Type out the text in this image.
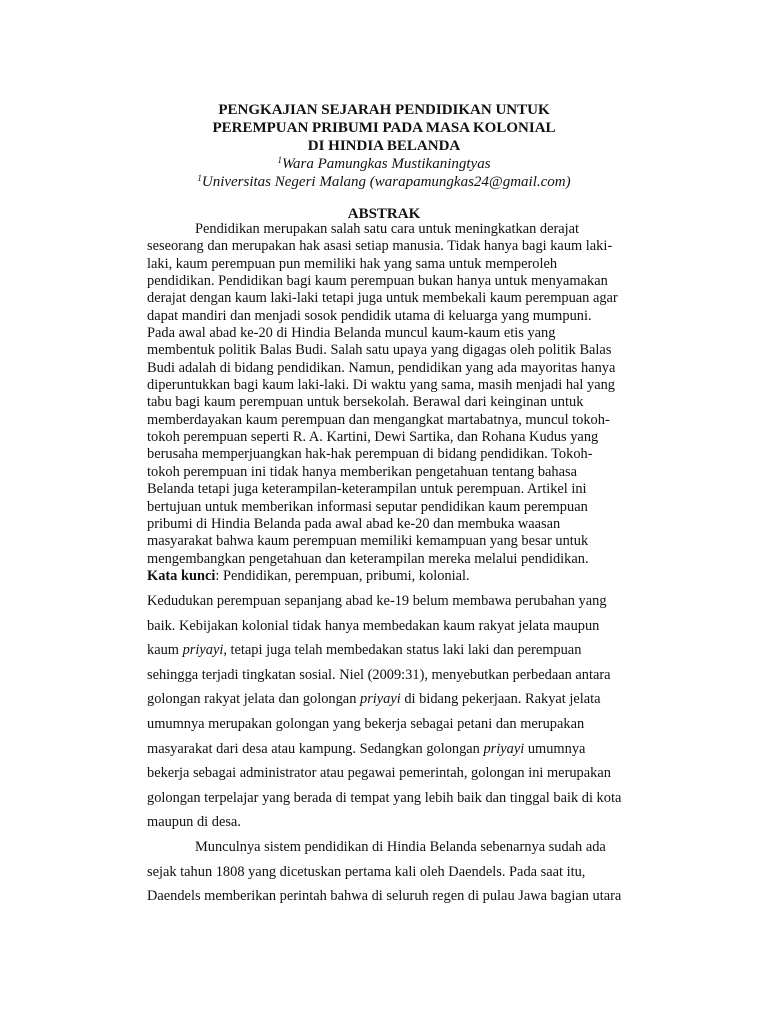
PENGKAJIAN SEJARAH PENDIDIKAN UNTUK
PEREMPUAN PRIBUMI PADA MASA KOLONIAL
DI HINDIA BELANDA
$^1$Wara Pamungkas Mustikaningtyas
$^1$Universitas Negeri Malang (warapamungkas24@gmail.com)
ABSTRAK
Pendidikan merupakan salah satu cara untuk meningkatkan derajat
seseorang dan merupakan hak asasi setiap manusia. Tidak hanya bagi kaum laki-
laki, kaum perempuan pun memiliki hak yang sama untuk memperoleh
pendidikan. Pendidikan bagi kaum perempuan bukan hanya untuk menyamakan
derajat dengan kaum laki-laki tetapi juga untuk membekali kaum perempuan agar
dapat mandiri dan menjadi sosok pendidik utama di keluarga yang mumpuni.
Pada awal abad ke-20 di Hindia Belanda muncul kaum-kaum etis yang
membentuk politik Balas Budi. Salah satu upaya yang digagas oleh politik Balas
Budi adalah di bidang pendidikan. Namun, pendidikan yang ada mayoritas hanya
diperuntukkan bagi kaum laki-laki. Di waktu yang sama, masih menjadi hal yang
tabu bagi kaum perempuan untuk bersekolah. Berawal dari keinginan untuk
memberdayakan kaum perempuan dan mengangkat martabatnya, muncul tokoh-
tokoh perempuan seperti R. A. Kartini, Dewi Sartika, dan Rohana Kudus yang
berusaha memperjuangkan hak-hak perempuan di bidang pendidikan. Tokoh-
tokoh perempuan ini tidak hanya memberikan pengetahuan tentang bahasa
Belanda tetapi juga keterampilan-keterampilan untuk perempuan. Artikel ini
bertujuan untuk memberikan informasi seputar pendidikan kaum perempuan
pribumi di Hindia Belanda pada awal abad ke-20 dan membuka waasan
masyarakat bahwa kaum perempuan memiliki kemampuan yang besar untuk
mengembangkan pengetahuan dan keterampilan mereka melalui pendidikan.
Kata kunci: Pendidikan, perempuan, pribumi, kolonial.
Kedudukan perempuan sepanjang abad ke-19 belum membawa perubahan yang
baik. Kebijakan kolonial tidak hanya membedakan kaum rakyat jelata maupun
kaum priyayi, tetapi juga telah membedakan status laki laki dan perempuan
sehingga terjadi tingkatan sosial. Niel (2009:31), menyebutkan perbedaan antara
golongan rakyat jelata dan golongan priyayi di bidang pekerjaan. Rakyat jelata
umumnya merupakan golongan yang bekerja sebagai petani dan merupakan
masyarakat dari desa atau kampung. Sedangkan golongan priyayi umumnya
bekerja sebagai administrator atau pegawai pemerintah, golongan ini merupakan
golongan terpelajar yang berada di tempat yang lebih baik dan tinggal baik di kota
maupun di desa.
Munculnya sistem pendidikan di Hindia Belanda sebenarnya sudah ada
sejak tahun 1808 yang dicetuskan pertama kali oleh Daendels. Pada saat itu,
Daendels memberikan perintah bahwa di seluruh regen di pulau Jawa bagian utara
